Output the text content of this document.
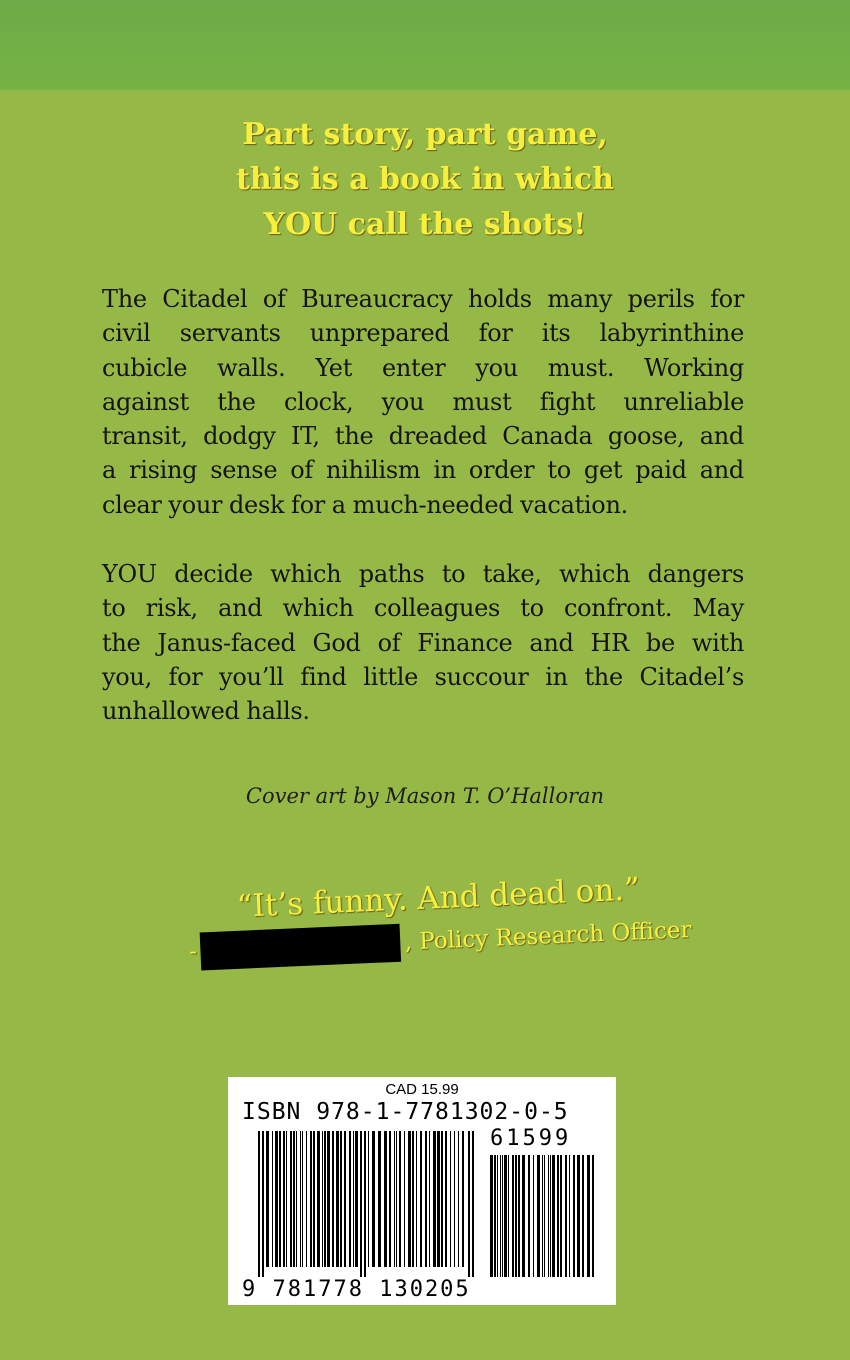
Part story, part game,
this is a book in which
YOU call the shots!
The Citadel of Bureaucracy holds many perils for
civil servants unprepared for its labyrinthine
cubicle walls. Yet enter you must. Working
against the clock, you must fight unreliable
transit, dodgy IT, the dreaded Canada goose, and
a rising sense of nihilism in order to get paid and
clear your desk for a much-needed vacation.
YOU decide which paths to take, which dangers
to risk, and which colleagues to confront. May
the Janus-faced God of Finance and HR be with
you, for you’ll find little succour in the Citadel’s
unhallowed halls.
Cover art by Mason T. O’Halloran
“It’s funny. And dead on.”
-	, Policy Research Officer
CAD 15.99
ISBN 978-1-7781302-0-5
61599
9 781778 130205
